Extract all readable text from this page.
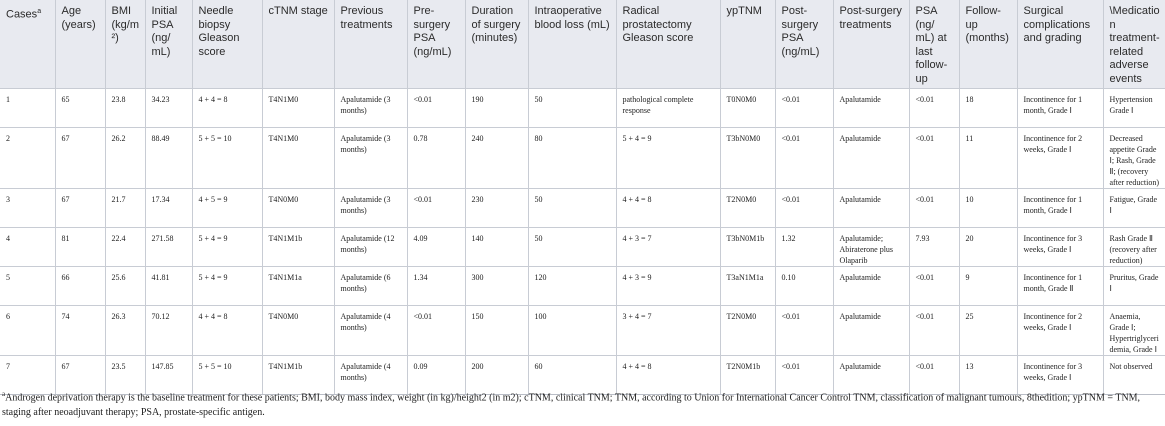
Cases$^a$	Age (years)	BMI (kg/m²)	Initial PSA (ng/ mL)	Needle biopsy Gleason score	cTNM stage	Previous treatments	Pre-surgery PSA (ng/mL)	Duration of surgery (minutes)	Intraoperative blood loss (mL)	Radical prostatectomy Gleason score	ypTNM	Post-surgery PSA (ng/mL)	Post-surgery treatments	PSA (ng/ mL) at last follow-up	Follow-up (months)	Surgical complications and grading	\Medication treatment-related adverse events
1	65	23.8	34.23	4 + 4 = 8	T4N1M0	Apalutamide (3 months)	<0.01	190	50	pathological complete response	T0N0M0	<0.01	Apalutamide	<0.01	18	Incontinence for 1 month, Grade Ⅰ	Hypertension Grade Ⅰ
2	67	26.2	88.49	5 + 5 = 10	T4N1M0	Apalutamide (3 months)	0.78	240	80	5 + 4 = 9	T3bN0M0	<0.01	Apalutamide	<0.01	11	Incontinence for 2 weeks, Grade Ⅰ	Decreased appetite Grade Ⅰ; Rash, Grade Ⅱ; (recovery after reduction)
3	67	21.7	17.34	4 + 5 = 9	T4N0M0	Apalutamide (3 months)	<0.01	230	50	4 + 4 = 8	T2N0M0	<0.01	Apalutamide	<0.01	10	Incontinence for 1 month, Grade Ⅰ	Fatigue, Grade Ⅰ
4	81	22.4	271.58	5 + 4 = 9	T4N1M1b	Apalutamide (12 months)	4.09	140	50	4 + 3 = 7	T3bN0M1b	1.32	Apalutamide; Abiraterone plus Olaparib	7.93	20	Incontinence for 3 weeks, Grade Ⅰ	Rash Grade Ⅱ (recovery after reduction)
5	66	25.6	41.81	5 + 4 = 9	T4N1M1a	Apalutamide (6 months)	1.34	300	120	4 + 3 = 9	T3aN1M1a	0.10	Apalutamide	<0.01	9	Incontinence for 1 month, Grade Ⅱ	Pruritus, Grade Ⅰ
6	74	26.3	70.12	4 + 4 = 8	T4N0M0	Apalutamide (4 months)	<0.01	150	100	3 + 4 = 7	T2N0M0	<0.01	Apalutamide	<0.01	25	Incontinence for 2 weeks, Grade Ⅰ	Anaemia, Grade Ⅰ; Hypertriglyceridemia, Grade Ⅰ
7	67	23.5	147.85	5 + 5 = 10	T4N1M1b	Apalutamide (4 months)	0.09	200	60	4 + 4 = 8	T2N0M1b	<0.01	Apalutamide	<0.01	13	Incontinence for 3 weeks, Grade Ⅰ	Not observed
$^a$Androgen deprivation therapy is the baseline treatment for these patients; BMI, body mass index, weight (in kg)/height2 (in m2); cTNM, clinical TNM; TNM, according to Union for International Cancer Control TNM, classification of malignant tumours, 8thedition; ypTNM = TNM, staging after neoadjuvant therapy; PSA, prostate-specific antigen.
